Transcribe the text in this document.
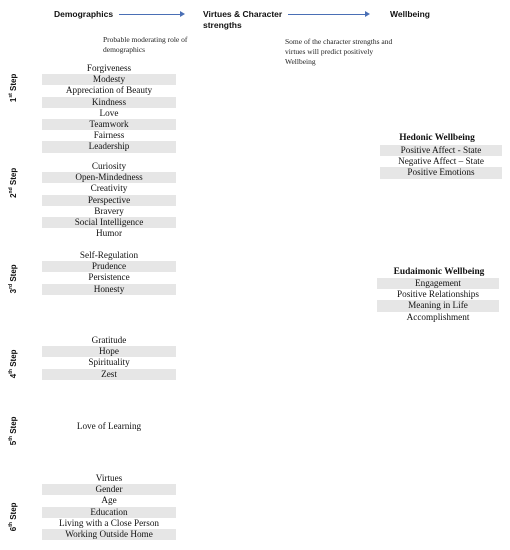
Demographics	Virtues & Character strengths
Wellbeing
Probable moderating role of demographics
Some of the character strengths and virtues will predict positively Wellbeing
1st Step
Forgiveness
Modesty
Appreciation of Beauty
Kindness
Love
Teamwork
Fairness
Leadership
2nd Step
Curiosity
Open-Mindedness
Creativity
Perspective
Bravery
Social Intelligence
Humor
3rd Step
Self-Regulation
Prudence
Persistence
Honesty
4th Step
Gratitude
Hope
Spirituality
Zest
5th Step	Love of Learning
6th Step
Virtues
Gender
Age
Education
Living with a Close Person
Working Outside Home
Hedonic Wellbeing
Positive Affect - State
Negative Affect – State
Positive Emotions
Eudaimonic Wellbeing
Engagement
Positive Relationships
Meaning in Life
Accomplishment
